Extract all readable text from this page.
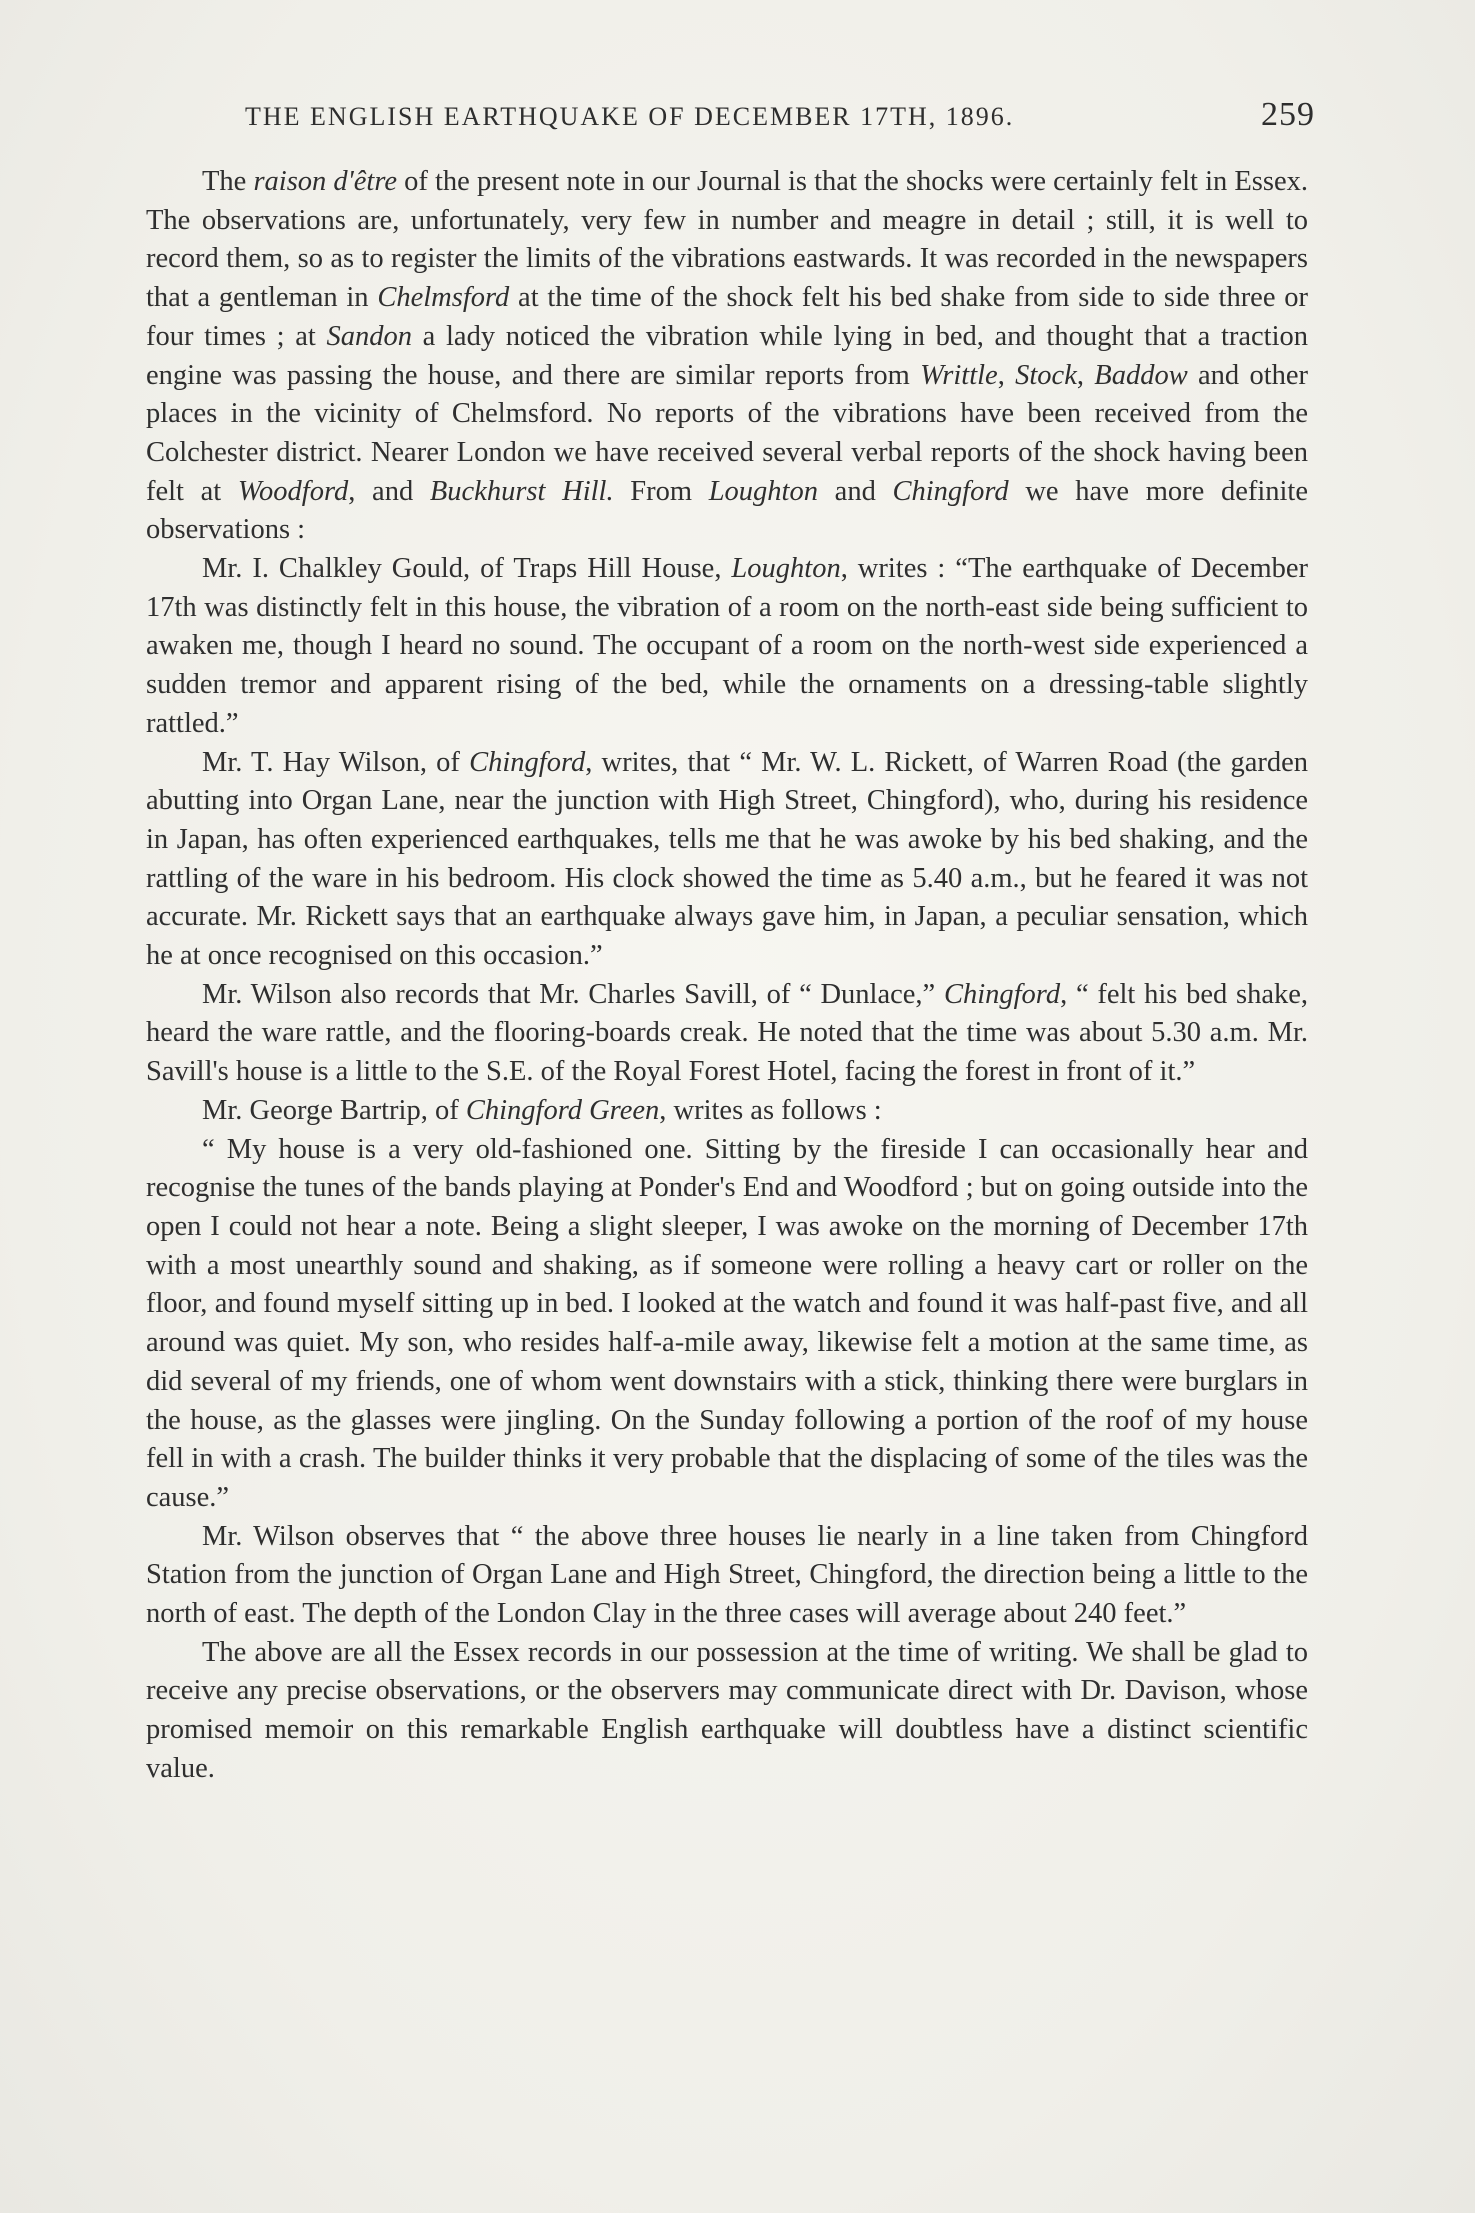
THE ENGLISH EARTHQUAKE OF DECEMBER 17TH, 1896.	259

The raison d'être of the present note in our Journal is that the shocks were certainly felt in Essex. The observations are, unfortunately, very few in number and meagre in detail ; still, it is well to record them, so as to register the limits of the vibrations eastwards. It was recorded in the newspapers that a gentleman in Chelmsford at the time of the shock felt his bed shake from side to side three or four times ; at Sandon a lady noticed the vibration while lying in bed, and thought that a traction engine was passing the house, and there are similar reports from Writtle, Stock, Baddow and other places in the vicinity of Chelmsford. No reports of the vibrations have been received from the Colchester district. Nearer London we have received several verbal reports of the shock having been felt at Woodford, and Buckhurst Hill. From Loughton and Chingford we have more definite observations :

Mr. I. Chalkley Gould, of Traps Hill House, Loughton, writes : “The earthquake of December 17th was distinctly felt in this house, the vibration of a room on the north-east side being sufficient to awaken me, though I heard no sound. The occupant of a room on the north-west side experienced a sudden tremor and apparent rising of the bed, while the ornaments on a dressing-table slightly rattled.”

Mr. T. Hay Wilson, of Chingford, writes, that “ Mr. W. L. Rickett, of Warren Road (the garden abutting into Organ Lane, near the junction with High Street, Chingford), who, during his residence in Japan, has often experienced earthquakes, tells me that he was awoke by his bed shaking, and the rattling of the ware in his bedroom. His clock showed the time as 5.40 a.m., but he feared it was not accurate. Mr. Rickett says that an earthquake always gave him, in Japan, a peculiar sensation, which he at once recognised on this occasion.”

Mr. Wilson also records that Mr. Charles Savill, of “ Dunlace,” Chingford, “ felt his bed shake, heard the ware rattle, and the flooring-boards creak. He noted that the time was about 5.30 a.m. Mr. Savill's house is a little to the S.E. of the Royal Forest Hotel, facing the forest in front of it.”

Mr. George Bartrip, of Chingford Green, writes as follows :

“ My house is a very old-fashioned one. Sitting by the fireside I can occasionally hear and recognise the tunes of the bands playing at Ponder's End and Woodford ; but on going outside into the open I could not hear a note. Being a slight sleeper, I was awoke on the morning of December 17th with a most unearthly sound and shaking, as if someone were rolling a heavy cart or roller on the floor, and found myself sitting up in bed. I looked at the watch and found it was half-past five, and all around was quiet. My son, who resides half-a-mile away, likewise felt a motion at the same time, as did several of my friends, one of whom went downstairs with a stick, thinking there were burglars in the house, as the glasses were jingling. On the Sunday following a portion of the roof of my house fell in with a crash. The builder thinks it very probable that the displacing of some of the tiles was the cause.”

Mr. Wilson observes that “ the above three houses lie nearly in a line taken from Chingford Station from the junction of Organ Lane and High Street, Chingford, the direction being a little to the north of east. The depth of the London Clay in the three cases will average about 240 feet.”

The above are all the Essex records in our possession at the time of writing. We shall be glad to receive any precise observations, or the observers may communicate direct with Dr. Davison, whose promised memoir on this remarkable English earthquake will doubtless have a distinct scientific value.
